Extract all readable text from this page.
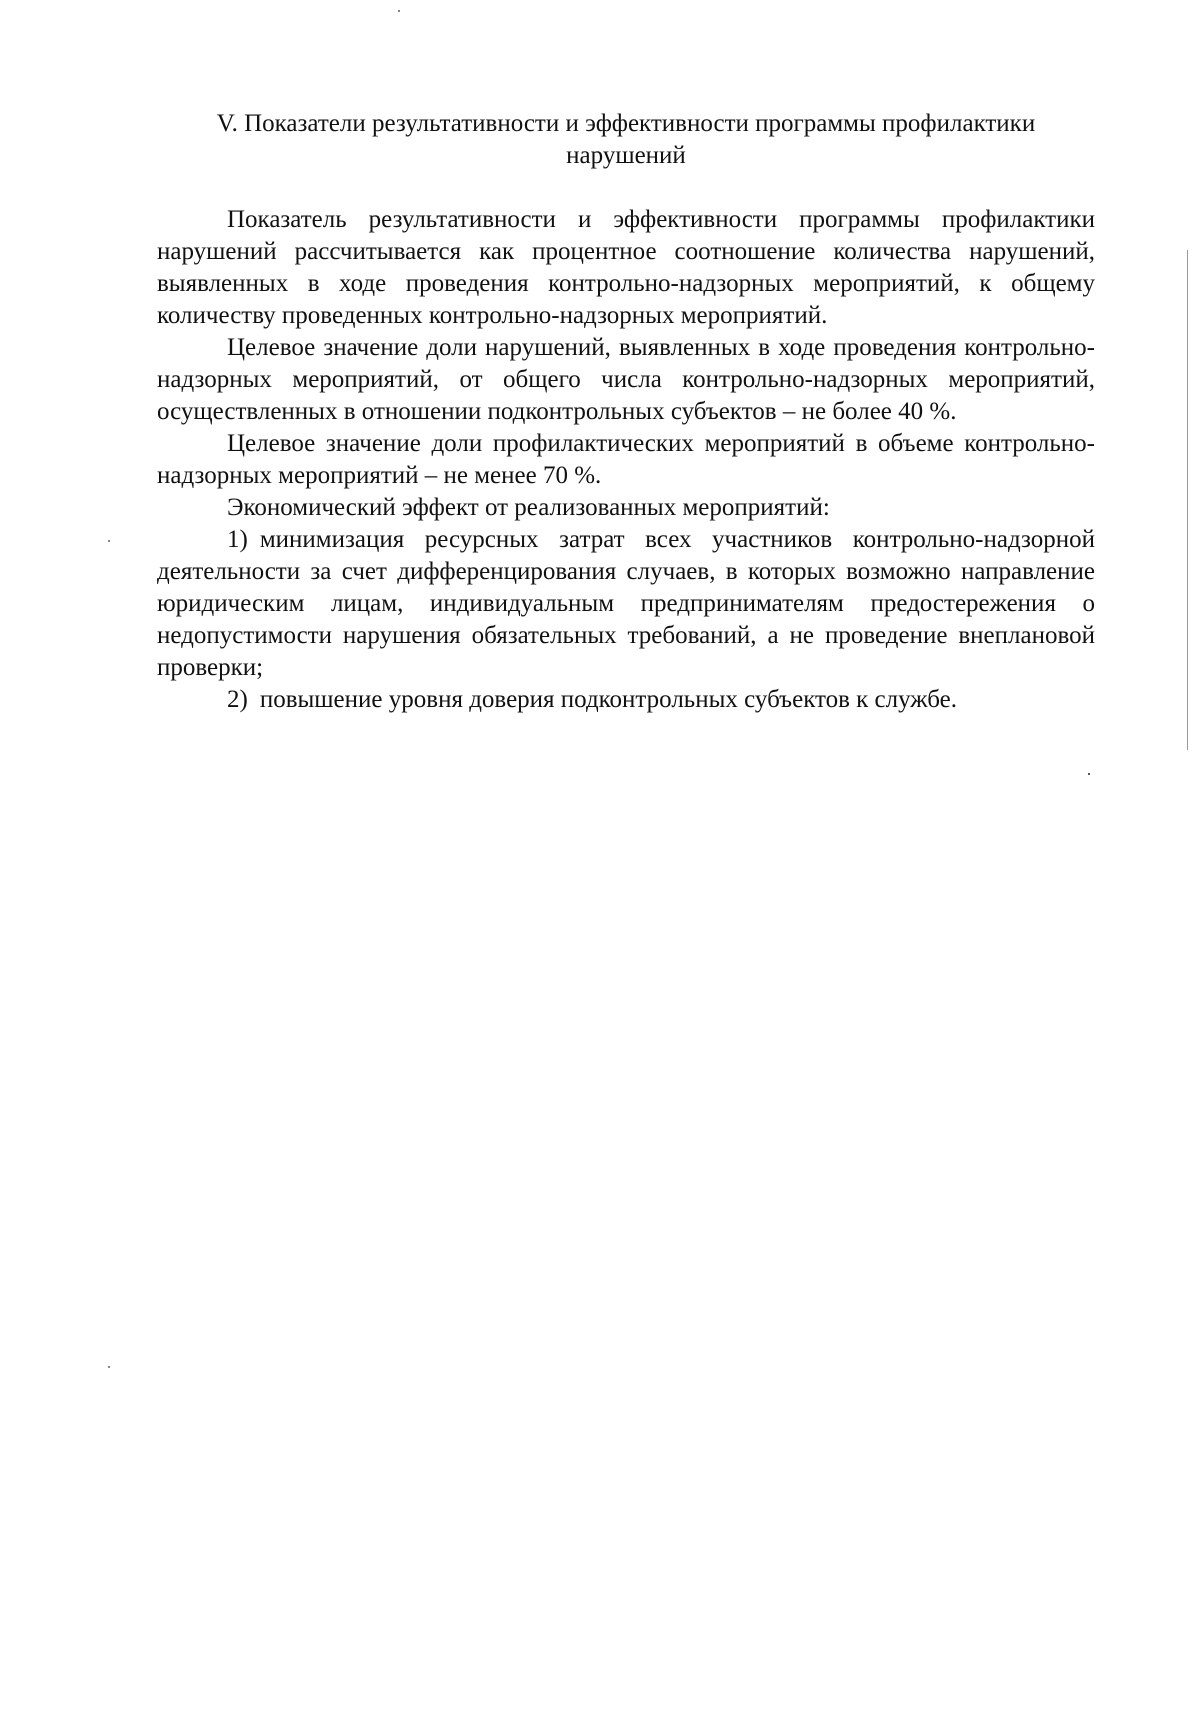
V. Показатели результативности и эффективности программы профилактики нарушений

Показатель результативности и эффективности программы профилактики нарушений рассчитывается как процентное соотношение количества нарушений, выявленных в ходе проведения контрольно-надзорных мероприятий, к общему количеству проведенных контрольно-надзорных мероприятий.

Целевое значение доли нарушений, выявленных в ходе проведения контрольно-надзорных мероприятий, от общего числа контрольно-надзорных мероприятий, осуществленных в отношении подконтрольных субъектов – не более 40 %.

Целевое значение доли профилактических мероприятий в объеме контрольно-надзорных мероприятий – не менее 70 %.

Экономический эффект от реализованных мероприятий:

1) минимизация ресурсных затрат всех участников контрольно-надзорной деятельности за счет дифференцирования случаев, в которых возможно направление юридическим лицам, индивидуальным предпринимателям предостережения о недопустимости нарушения обязательных требований, а не проведение внеплановой проверки;

2) повышение уровня доверия подконтрольных субъектов к службе.
